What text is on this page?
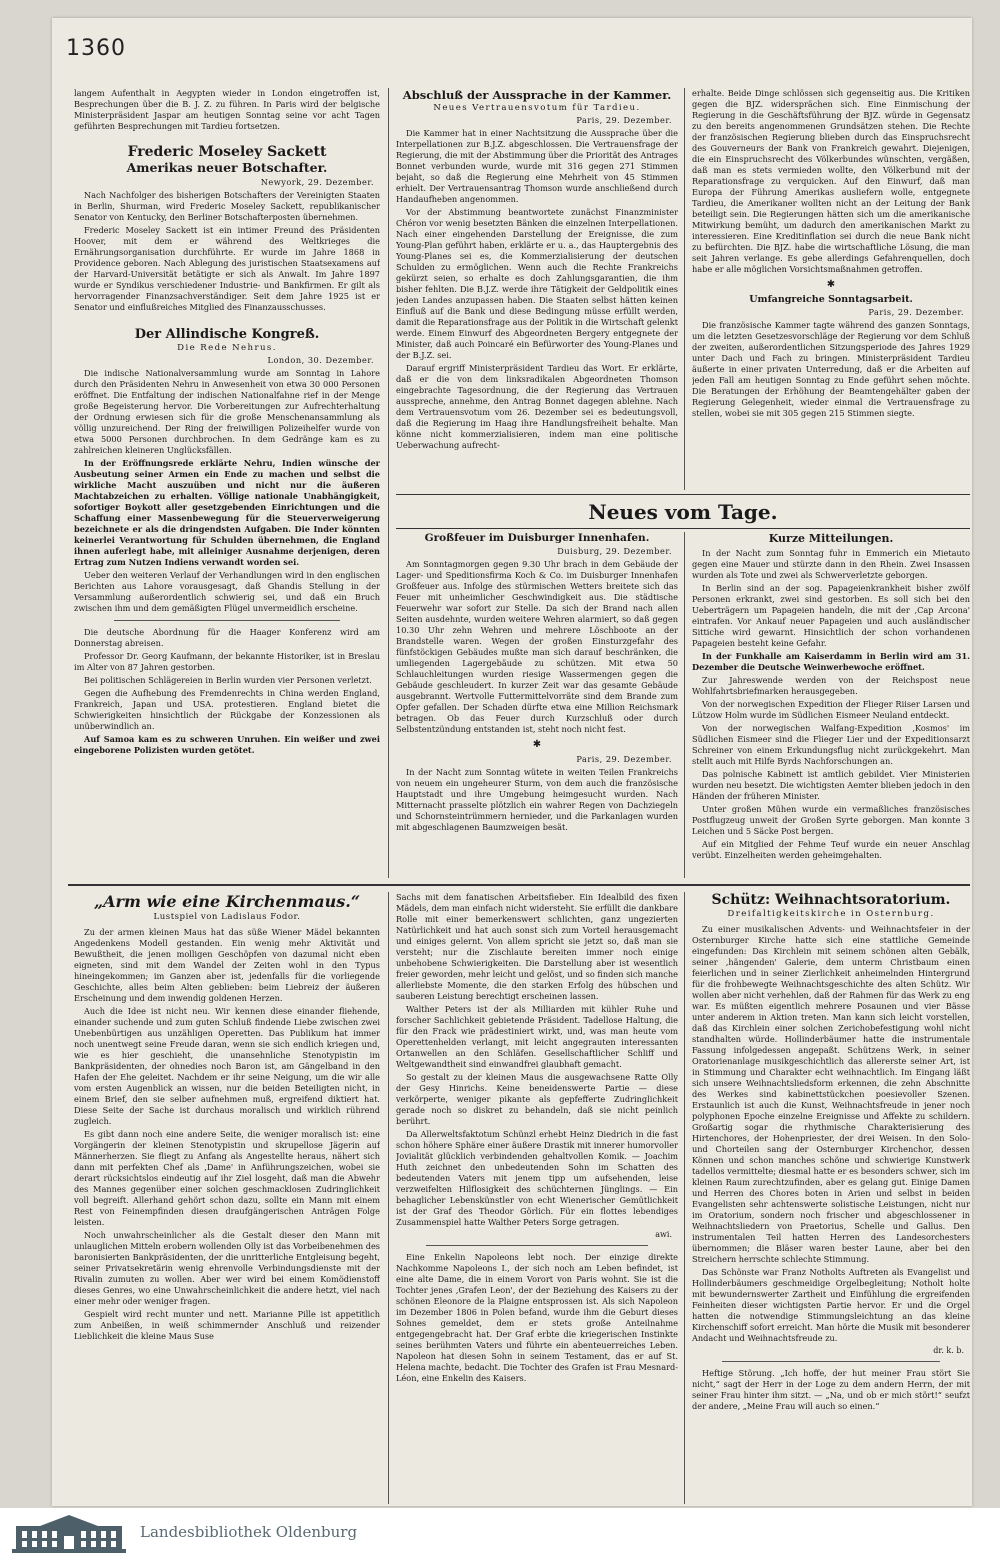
1360

langem Aufenthalt in Aegypten wieder in London eingetroffen ist, Besprechungen über die B. J. Z. zu führen. In Paris wird der belgische Ministerpräsident Jaspar am heutigen Sonntag seine vor acht Tagen geführten Besprechungen mit Tardieu fortsetzen.

Frederic Moseley Sackett
Amerikas neuer Botschafter.
Newyork, 29. Dezember.

Nach Nachfolger des bisherigen Botschafters der Vereinigten Staaten in Berlin, Shurman, wird Frederic Moseley Sackett, republikanischer Senator von Kentucky, den Berliner Botschafterposten übernehmen.

Frederic Moseley Sackett ist ein intimer Freund des Präsidenten Hoover, mit dem er während des Weltkrieges die Ernährungsorganisation durchführte. Er wurde im Jahre 1868 in Providence geboren. Nach Ablegung des juristischen Staatsexamens auf der Harvard-Universität betätigte er sich als Anwalt. Im Jahre 1897 wurde er Syndikus verschiedener Industrie- und Bankfirmen. Er gilt als hervorragender Finanzsachverständiger. Seit dem Jahre 1925 ist er Senator und einflußreiches Mitglied des Finanzausschusses.

Der Allindische Kongreß.
Die Rede Nehrus.
London, 30. Dezember.

Die indische Nationalversammlung wurde am Sonntag in Lahore durch den Präsidenten Nehru in Anwesenheit von etwa 30 000 Personen eröffnet. Die Entfaltung der indischen Nationalfahne rief in der Menge große Begeisterung hervor. Die Vorbereitungen zur Aufrechterhaltung der Ordnung erwiesen sich für die große Menschenansammlung als völlig unzureichend. Der Ring der freiwilligen Polizeihelfer wurde von etwa 5000 Personen durchbrochen. In dem Gedränge kam es zu zahlreichen kleineren Unglücksfällen.

In der Eröffnungsrede erklärte Nehru, Indien wünsche der Ausbeutung seiner Armen ein Ende zu machen und selbst die wirkliche Macht auszuüben und nicht nur die äußeren Machtabzeichen zu erhalten. Völlige nationale Unabhängigkeit, sofortiger Boykott aller gesetzgebenden Einrichtungen und die Schaffung einer Massenbewegung für die Steuerverweigerung bezeichnete er als die dringendsten Aufgaben. Die Inder könnten keinerlei Verantwortung für Schulden übernehmen, die England ihnen auferlegt habe, mit alleiniger Ausnahme derjenigen, deren Ertrag zum Nutzen Indiens verwandt worden sei.

Ueber den weiteren Verlauf der Verhandlungen wird in den englischen Berichten aus Lahore vorausgesagt, daß Ghandis Stellung in der Versammlung außerordentlich schwierig sei, und daß ein Bruch zwischen ihm und dem gemäßigten Flügel unvermeidlich erscheine.

Die deutsche Abordnung für die Haager Konferenz wird am Donnerstag abreisen.

Professor Dr. Georg Kaufmann, der bekannte Historiker, ist in Breslau im Alter von 87 Jahren gestorben.

Bei politischen Schlägereien in Berlin wurden vier Personen verletzt.

Gegen die Aufhebung des Fremdenrechts in China werden England, Frankreich, Japan und USA. protestieren. England bietet die Schwierigkeiten hinsichtlich der Rückgabe der Konzessionen als unüberwindlich an.

Auf Samoa kam es zu schweren Unruhen. Ein weißer und zwei eingeborene Polizisten wurden getötet.

Abschluß der Aussprache in der Kammer.
Neues Vertrauensvotum für Tardieu.
Paris, 29. Dezember.

Die Kammer hat in einer Nachtsitzung die Aussprache über die Interpellationen zur B.J.Z. abgeschlossen. Die Vertrauensfrage der Regierung, die mit der Abstimmung über die Priorität des Antrages Bonnet verbunden wurde, wurde mit 316 gegen 271 Stimmen bejaht, so daß die Regierung eine Mehrheit von 45 Stimmen erhielt. Der Vertrauensantrag Thomson wurde anschließend durch Handaufheben angenommen.

Vor der Abstimmung beantwortete zunächst Finanzminister Chéron vor wenig besetzten Bänken die einzelnen Interpellationen. Nach einer eingehenden Darstellung der Ereignisse, die zum Young-Plan geführt haben, erklärte er u. a., das Hauptergebnis des Young-Planes sei es, die Kommerzialisierung der deutschen Schulden zu ermöglichen. Wenn auch die Rechte Frankreichs gekürzt seien, so erhalte es doch Zahlungsgarantien, die ihm bisher fehlten. Die B.J.Z. werde ihre Tätigkeit der Geldpolitik eines jeden Landes anzupassen haben. Die Staaten selbst hätten keinen Einfluß auf die Bank und diese Bedingung müsse erfüllt werden, damit die Reparationsfrage aus der Politik in die Wirtschaft gelenkt werde. Einem Einwurf des Abgeordneten Bergery entgegnete der Minister, daß auch Poincaré ein Befürworter des Young-Planes und der B.J.Z. sei.

Darauf ergriff Ministerpräsident Tardieu das Wort. Er erklärte, daß er die von dem linksradikalen Abgeordneten Thomson eingebrachte Tagesordnung, die der Regierung das Vertrauen ausspreche, annehme, den Antrag Bonnet dagegen ablehne. Nach dem Vertrauensvotum vom 26. Dezember sei es bedeutungsvoll, daß die Regierung im Haag ihre Handlungsfreiheit behalte. Man könne nicht kommerzialisieren, indem man eine politische Ueberwachung aufrecht-

erhalte. Beide Dinge schlössen sich gegenseitig aus. Die Kritiken gegen die BJZ. widersprächen sich. Eine Einmischung der Regierung in die Geschäftsführung der BJZ. würde in Gegensatz zu den bereits angenommenen Grundsätzen stehen. Die Rechte der französischen Regierung blieben durch das Einspruchsrecht des Gouverneurs der Bank von Frankreich gewahrt. Diejenigen, die ein Einspruchsrecht des Völkerbundes wünschten, vergäßen, daß man es stets vermieden wollte, den Völkerbund mit der Reparationsfrage zu verquicken. Auf den Einwurf, daß man Europa der Führung Amerikas ausliefern wolle, entgegnete Tardieu, die Amerikaner wollten nicht an der Leitung der Bank beteiligt sein. Die Regierungen hätten sich um die amerikanische Mitwirkung bemüht, um dadurch den amerikanischen Markt zu interessieren. Eine Kreditinflation sei durch die neue Bank nicht zu befürchten. Die BJZ. habe die wirtschaftliche Lösung, die man seit Jahren verlange. Es gebe allerdings Gefahrenquellen, doch habe er alle möglichen Vorsichtsmaßnahmen getroffen.

✱
Umfangreiche Sonntagsarbeit.
Paris, 29. Dezember.

Die französische Kammer tagte während des ganzen Sonntags, um die letzten Gesetzesvorschläge der Regierung vor dem Schluß der zweiten, außerordentlichen Sitzungsperiode des Jahres 1929 unter Dach und Fach zu bringen. Ministerpräsident Tardieu äußerte in einer privaten Unterredung, daß er die Arbeiten auf jeden Fall am heutigen Sonntag zu Ende geführt sehen möchte. Die Beratungen der Erhöhung der Beamtengehälter gaben der Regierung Gelegenheit, wieder einmal die Vertrauensfrage zu stellen, wobei sie mit 305 gegen 215 Stimmen siegte.

Neues vom Tage.
Großfeuer im Duisburger Innenhafen.
Duisburg, 29. Dezember.

Am Sonntagmorgen gegen 9.30 Uhr brach in dem Gebäude der Lager- und Speditionsfirma Koch & Co. im Duisburger Innenhafen Großfeuer aus. Infolge des stürmischen Wetters breitete sich das Feuer mit unheimlicher Geschwindigkeit aus. Die städtische Feuerwehr war sofort zur Stelle. Da sich der Brand nach allen Seiten ausdehnte, wurden weitere Wehren alarmiert, so daß gegen 10.30 Uhr zehn Wehren und mehrere Löschboote an der Brandstelle waren. Wegen der großen Einsturzgefahr des fünfstöckigen Gebäudes mußte man sich darauf beschränken, die umliegenden Lagergebäude zu schützen. Mit etwa 50 Schlauchleitungen wurden riesige Wassermengen gegen die Gebäude geschleudert. In kurzer Zeit war das gesamte Gebäude ausgebrannt. Wertvolle Futtermittelvorräte sind dem Brande zum Opfer gefallen. Der Schaden dürfte etwa eine Million Reichsmark betragen. Ob das Feuer durch Kurzschluß oder durch Selbstentzündung entstanden ist, steht noch nicht fest.

✱
Paris, 29. Dezember.

In der Nacht zum Sonntag wütete in weiten Teilen Frankreichs von neuem ein ungeheurer Sturm, von dem auch die französische Hauptstadt und ihre Umgebung heimgesucht wurden. Nach Mitternacht prasselte plötzlich ein wahrer Regen von Dachziegeln und Schornsteintrümmern hernieder, und die Parkanlagen wurden mit abgeschlagenen Baumzweigen besät.

Kurze Mitteilungen.

In der Nacht zum Sonntag fuhr in Emmerich ein Mietauto gegen eine Mauer und stürzte dann in den Rhein. Zwei Insassen wurden als Tote und zwei als Schwerverletzte geborgen.

In Berlin sind an der sog. Papageienkrankheit bisher zwölf Personen erkrankt, zwei sind gestorben. Es soll sich bei den Ueberträgern um Papageien handeln, die mit der ‚Cap Arcona' eintrafen. Vor Ankauf neuer Papageien und auch ausländischer Sittiche wird gewarnt. Hinsichtlich der schon vorhandenen Papageien besteht keine Gefahr.

In der Funkhalle am Kaiserdamm in Berlin wird am 31. Dezember die Deutsche Weinwerbewoche eröffnet.

Zur Jahreswende werden von der Reichspost neue Wohlfahrtsbriefmarken herausgegeben.

Von der norwegischen Expedition der Flieger Riiser Larsen und Lützow Holm wurde im Südlichen Eismeer Neuland entdeckt.

Von der norwegischen Walfang-Expedition ‚Kosmos' im Südlichen Eismeer sind die Flieger Lier und der Expeditionsarzt Schreiner von einem Erkundungsflug nicht zurückgekehrt. Man stellt auch mit Hilfe Byrds Nachforschungen an.

Das polnische Kabinett ist amtlich gebildet. Vier Ministerien wurden neu besetzt. Die wichtigsten Aemter blieben jedoch in den Händen der früheren Minister.

Unter großen Mühen wurde ein vermaßliches französisches Postflugzeug unweit der Großen Syrte geborgen. Man konnte 3 Leichen und 5 Säcke Post bergen.

Auf ein Mitglied der Fehme Teuf wurde ein neuer Anschlag verübt. Einzelheiten werden geheimgehalten.

„Arm wie eine Kirchenmaus.“
Lustspiel von Ladislaus Fodor.

Zu der armen kleinen Maus hat das süße Wiener Mädel bekannten Angedenkens Modell gestanden. Ein wenig mehr Aktivität und Bewußtheit, die jenen molligen Geschöpfen von dazumal nicht eben eigneten, sind mit dem Wandel der Zeiten wohl in den Typus hineingekommen; im Ganzen aber ist, jedenfalls für die vorliegende Geschichte, alles beim Alten geblieben: beim Liebreiz der äußeren Erscheinung und dem inwendig goldenen Herzen.

Auch die Idee ist nicht neu. Wir kennen diese einander fliehende, einander suchende und zum guten Schluß findende Liebe zwischen zwei Unebenbürtigen aus unzähligen Operetten. Das Publikum hat immer noch unentwegt seine Freude daran, wenn sie sich endlich kriegen und, wie es hier geschieht, die unansehnliche Stenotypistin im Bankpräsidenten, der ohnedies noch Baron ist, am Gängelband in den Hafen der Ehe geleitet. Nachdem er ihr seine Neigung, um die wir alle vom ersten Augenblick an wissen, nur die beiden Beteiligten nicht, in einem Brief, den sie selber aufnehmen muß, ergreifend diktiert hat. Diese Seite der Sache ist durchaus moralisch und wirklich rührend zugleich.

Es gibt dann noch eine andere Seite, die weniger moralisch ist: eine Vorgängerin der kleinen Stenotypistin und skrupellose Jägerin auf Männerherzen. Sie fliegt zu Anfang als Angestellte heraus, nähert sich dann mit perfekten Chef als ‚Dame' in Anführungszeichen, wobei sie derart rücksichtslos eindeutig auf ihr Ziel losgeht, daß man die Abwehr des Mannes gegenüber einer solchen geschmacklosen Zudringlichkeit voll begreift. Allerhand gehört schon dazu, sollte ein Mann mit einem Rest von Feinempfinden diesen draufgängerischen Anträgen Folge leisten.

Noch unwahrscheinlicher als die Gestalt dieser den Mann mit unlauglichen Mitteln erobern wollenden Olly ist das Vorbeibenehmen des baronisierten Bankpräsidenten, der die unritterliche Entgleisung begeht, seiner Privatsekretärin wenig ehrenvolle Verbindungsdienste mit der Rivalin zumuten zu wollen. Aber wer wird bei einem Komödienstoff dieses Genres, wo eine Unwahrscheinlichkeit die andere hetzt, viel nach einer mehr oder weniger fragen.

Gespielt wird recht munter und nett. Marianne Pille ist appetitlich zum Anbeißen, in weiß schimmernder Anschluß und reizender Lieblichkeit die kleine Maus Suse

Sachs mit dem fanatischen Arbeitsfieber. Ein Idealbild des fixen Mädels, dem man einfach nicht widersteht. Sie erfüllt die dankbare Rolle mit einer bemerkenswert schlichten, ganz ungezierten Natürlichkeit und hat auch sonst sich zum Vorteil herausgemacht und einiges gelernt. Von allem spricht sie jetzt so, daß man sie versteht; nur die Zischlaute bereiten immer noch einige unbehobene Schwierigkeiten. Die Darstellung aber ist wesentlich freier geworden, mehr leicht und gelöst, und so finden sich manche allerliebste Momente, die den starken Erfolg des hübschen und sauberen Leistung berechtigt erscheinen lassen.

Walther Peters ist der als Milliarden mit kühler Ruhe und forscher Sachlichkeit gebietende Präsident. Tadellose Haltung, die für den Frack wie prädestiniert wirkt, und, was man heute vom Operettenhelden verlangt, mit leicht angegrauten interessanten Ortanwellen an den Schläfen. Gesellschaftlicher Schliff und Weltgewandtheit sind einwandfrei glaubhaft gemacht.

So gestalt zu der kleinen Maus die ausgewachsene Ratte Olly der Gesy Hinrichs. Keine beneidenswerte Partie — diese verkörperte, weniger pikante als gepfefferte Zudringlichkeit gerade noch so diskret zu behandeln, daß sie nicht peinlich berührt.

Da Allerweltsfaktotum Schünzl erhebt Heinz Diedrich in die fast schon höhere Sphäre einer äußere Drastik mit innerer humorvoller Jovialität glücklich verbindenden gehaltvollen Komik. — Joachim Huth zeichnet den unbedeutenden Sohn im Schatten des bedeutenden Vaters mit jenem tipp um aufsehenden, leise verzweifelten Hilflosigkeit des schüchternen Jünglings. — Ein behaglicher Lebenskünstler von echt Wienerischer Gemütlichkeit ist der Graf des Theodor Görlich. Für ein flottes lebendiges Zusammenspiel hatte Walther Peters Sorge getragen.

awi.

Eine Enkelin Napoleons lebt noch. Der einzige direkte Nachkomme Napoleons I., der sich noch am Leben befindet, ist eine alte Dame, die in einem Vorort von Paris wohnt. Sie ist die Tochter jenes ‚Grafen Leon', der der Beziehung des Kaisers zu der schönen Eleonore de la Plaigne entsprossen ist. Als sich Napoleon im Dezember 1806 in Polen befand, wurde ihm die Geburt dieses Sohnes gemeldet, dem er stets große Anteilnahme entgegengebracht hat. Der Graf erbte die kriegerischen Instinkte seines berühmten Vaters und führte ein abenteuerreiches Leben. Napoleon hat diesen Sohn in seinem Testament, das er auf St. Helena machte, bedacht. Die Tochter des Grafen ist Frau Mesnard-Léon, eine Enkelin des Kaisers.

Schütz: Weihnachtsoratorium.
Dreifaltigkeitskirche in Osternburg.

Zu einer musikalischen Advents- und Weihnachtsfeier in der Osternburger Kirche hatte sich eine stattliche Gemeinde eingefunden: Das Kirchlein mit seinem schönen alten Gebälk, seiner ‚hängenden' Galerie, dem unterm Christbaum einen feierlichen und in seiner Zierlichkeit anheimelnden Hintergrund für die frohbewegte Weihnachtsgeschichte des alten Schütz. Wir wollen aber nicht verhehlen, daß der Rahmen für das Werk zu eng war. Es müßten eigentlich mehrere Posaunen und vier Bässe unter anderem in Aktion treten. Man kann sich leicht vorstellen, daß das Kirchlein einer solchen Zerichobefestigung wohl nicht standhalten würde. Hollinderbäumer hatte die instrumentale Fassung infolgedessen angepaßt. Schützens Werk, in seiner Oratorienanlage musikgeschichtlich das allererste seiner Art, ist in Stimmung und Charakter echt weihnachtlich. Im Eingang läßt sich unsere Weihnachtsliedsform erkennen, die zehn Abschnitte des Werkes sind kabinettstückchen poesievoller Szenen. Erstaunlich ist auch die Kunst, Weihnachtsfreude in jener noch polyphonen Epoche einzelne Ereignisse und Affekte zu schildern. Großartig sogar die rhythmische Charakterisierung des Hirtenchores, der Hohenpriester, der drei Weisen. In den Solo- und Chorteilen sang der Osternburger Kirchenchor, dessen Können und schon manches schöne und schwierige Kunstwerk tadellos vermittelte; diesmal hatte er es besonders schwer, sich im kleinen Raum zurechtzufinden, aber es gelang gut. Einige Damen und Herren des Chores boten in Arien und selbst in beiden Evangelisten sehr achtenswerte solistische Leistungen, nicht nur im Oratorium, sondern noch frischer und abgeschlossener in Weihnachtsliedern von Praetorius, Schelle und Gallus. Den instrumentalen Teil hatten Herren des Landesorchesters übernommen; die Bläser waren bester Laune, aber bei den Streichern herrschte schlechte Stimmung.

Das Schönste war Franz Notholts Auftreten als Evangelist und Hollinderbäumers geschmeidige Orgelbegleitung; Notholt holte mit bewundernswerter Zartheit und Einfühlung die ergreifenden Feinheiten dieser wichtigsten Partie hervor. Er und die Orgel hatten die notwendige Stimmungsleichtung an das kleine Kirchenschiff sofort erreicht. Man hörte die Musik mit besonderer Andacht und Weihnachtsfreude zu.

dr. k. b.

Heftige Störung. „Ich hoffe, der hut meiner Frau stört Sie nicht,“ sagt der Herr in der Loge zu dem andern Herrn, der mit seiner Frau hinter ihm sitzt. — „Na, und ob er mich stört!“ seufzt der andere, „Meine Frau will auch so einen.“

Landesbibliothek Oldenburg
